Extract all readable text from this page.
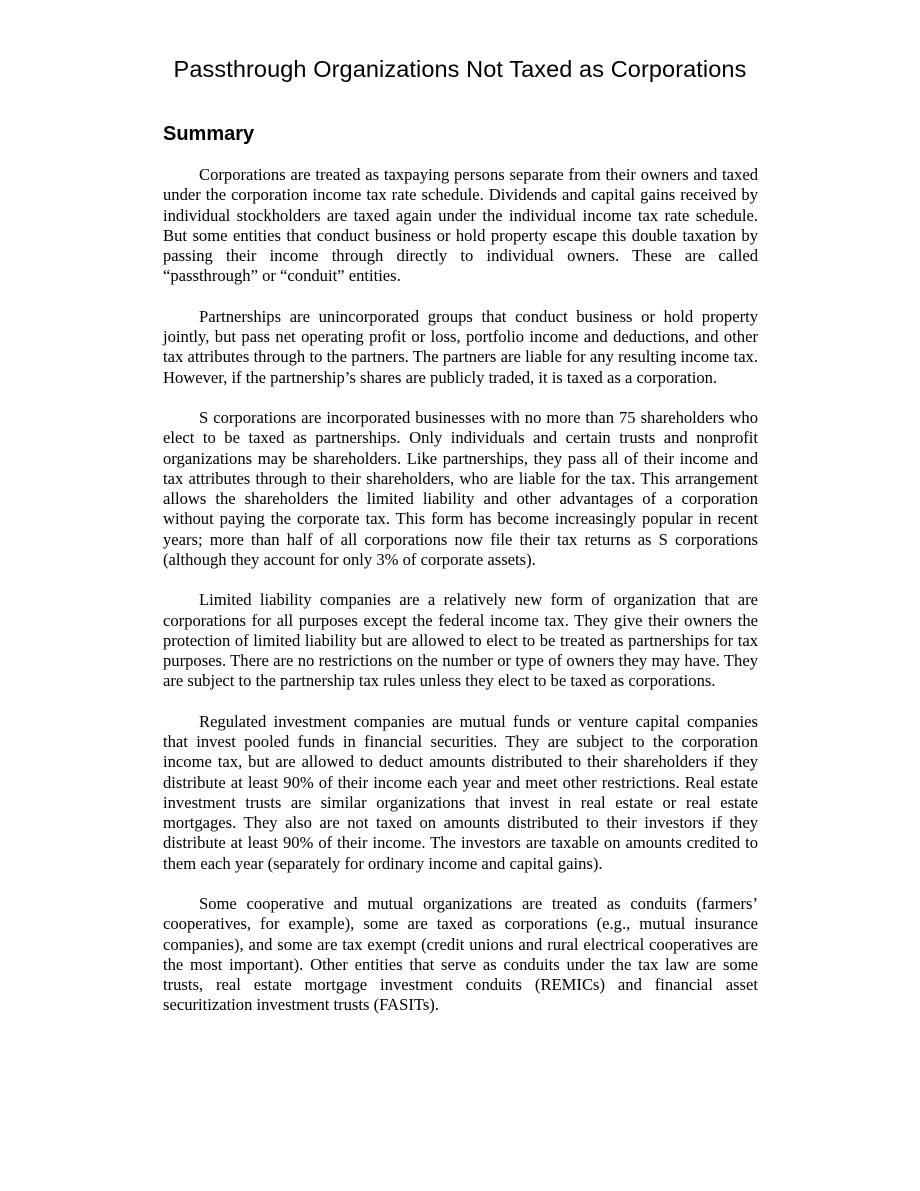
Passthrough Organizations Not Taxed as Corporations
Summary

Corporations are treated as taxpaying persons separate from their owners and taxed under the corporation income tax rate schedule. Dividends and capital gains received by individual stockholders are taxed again under the individual income tax rate schedule. But some entities that conduct business or hold property escape this double taxation by passing their income through directly to individual owners. These are called “passthrough” or “conduit” entities.

Partnerships are unincorporated groups that conduct business or hold property jointly, but pass net operating profit or loss, portfolio income and deductions, and other tax attributes through to the partners. The partners are liable for any resulting income tax. However, if the partnership’s shares are publicly traded, it is taxed as a corporation.

S corporations are incorporated businesses with no more than 75 shareholders who elect to be taxed as partnerships. Only individuals and certain trusts and nonprofit organizations may be shareholders. Like partnerships, they pass all of their income and tax attributes through to their shareholders, who are liable for the tax. This arrangement allows the shareholders the limited liability and other advantages of a corporation without paying the corporate tax. This form has become increasingly popular in recent years; more than half of all corporations now file their tax returns as S corporations (although they account for only 3% of corporate assets).

Limited liability companies are a relatively new form of organization that are corporations for all purposes except the federal income tax. They give their owners the protection of limited liability but are allowed to elect to be treated as partnerships for tax purposes. There are no restrictions on the number or type of owners they may have. They are subject to the partnership tax rules unless they elect to be taxed as corporations.

Regulated investment companies are mutual funds or venture capital companies that invest pooled funds in financial securities. They are subject to the corporation income tax, but are allowed to deduct amounts distributed to their shareholders if they distribute at least 90% of their income each year and meet other restrictions. Real estate investment trusts are similar organizations that invest in real estate or real estate mortgages. They also are not taxed on amounts distributed to their investors if they distribute at least 90% of their income. The investors are taxable on amounts credited to them each year (separately for ordinary income and capital gains).

Some cooperative and mutual organizations are treated as conduits (farmers’ cooperatives, for example), some are taxed as corporations (e.g., mutual insurance companies), and some are tax exempt (credit unions and rural electrical cooperatives are the most important). Other entities that serve as conduits under the tax law are some trusts, real estate mortgage investment conduits (REMICs) and financial asset securitization investment trusts (FASITs).
